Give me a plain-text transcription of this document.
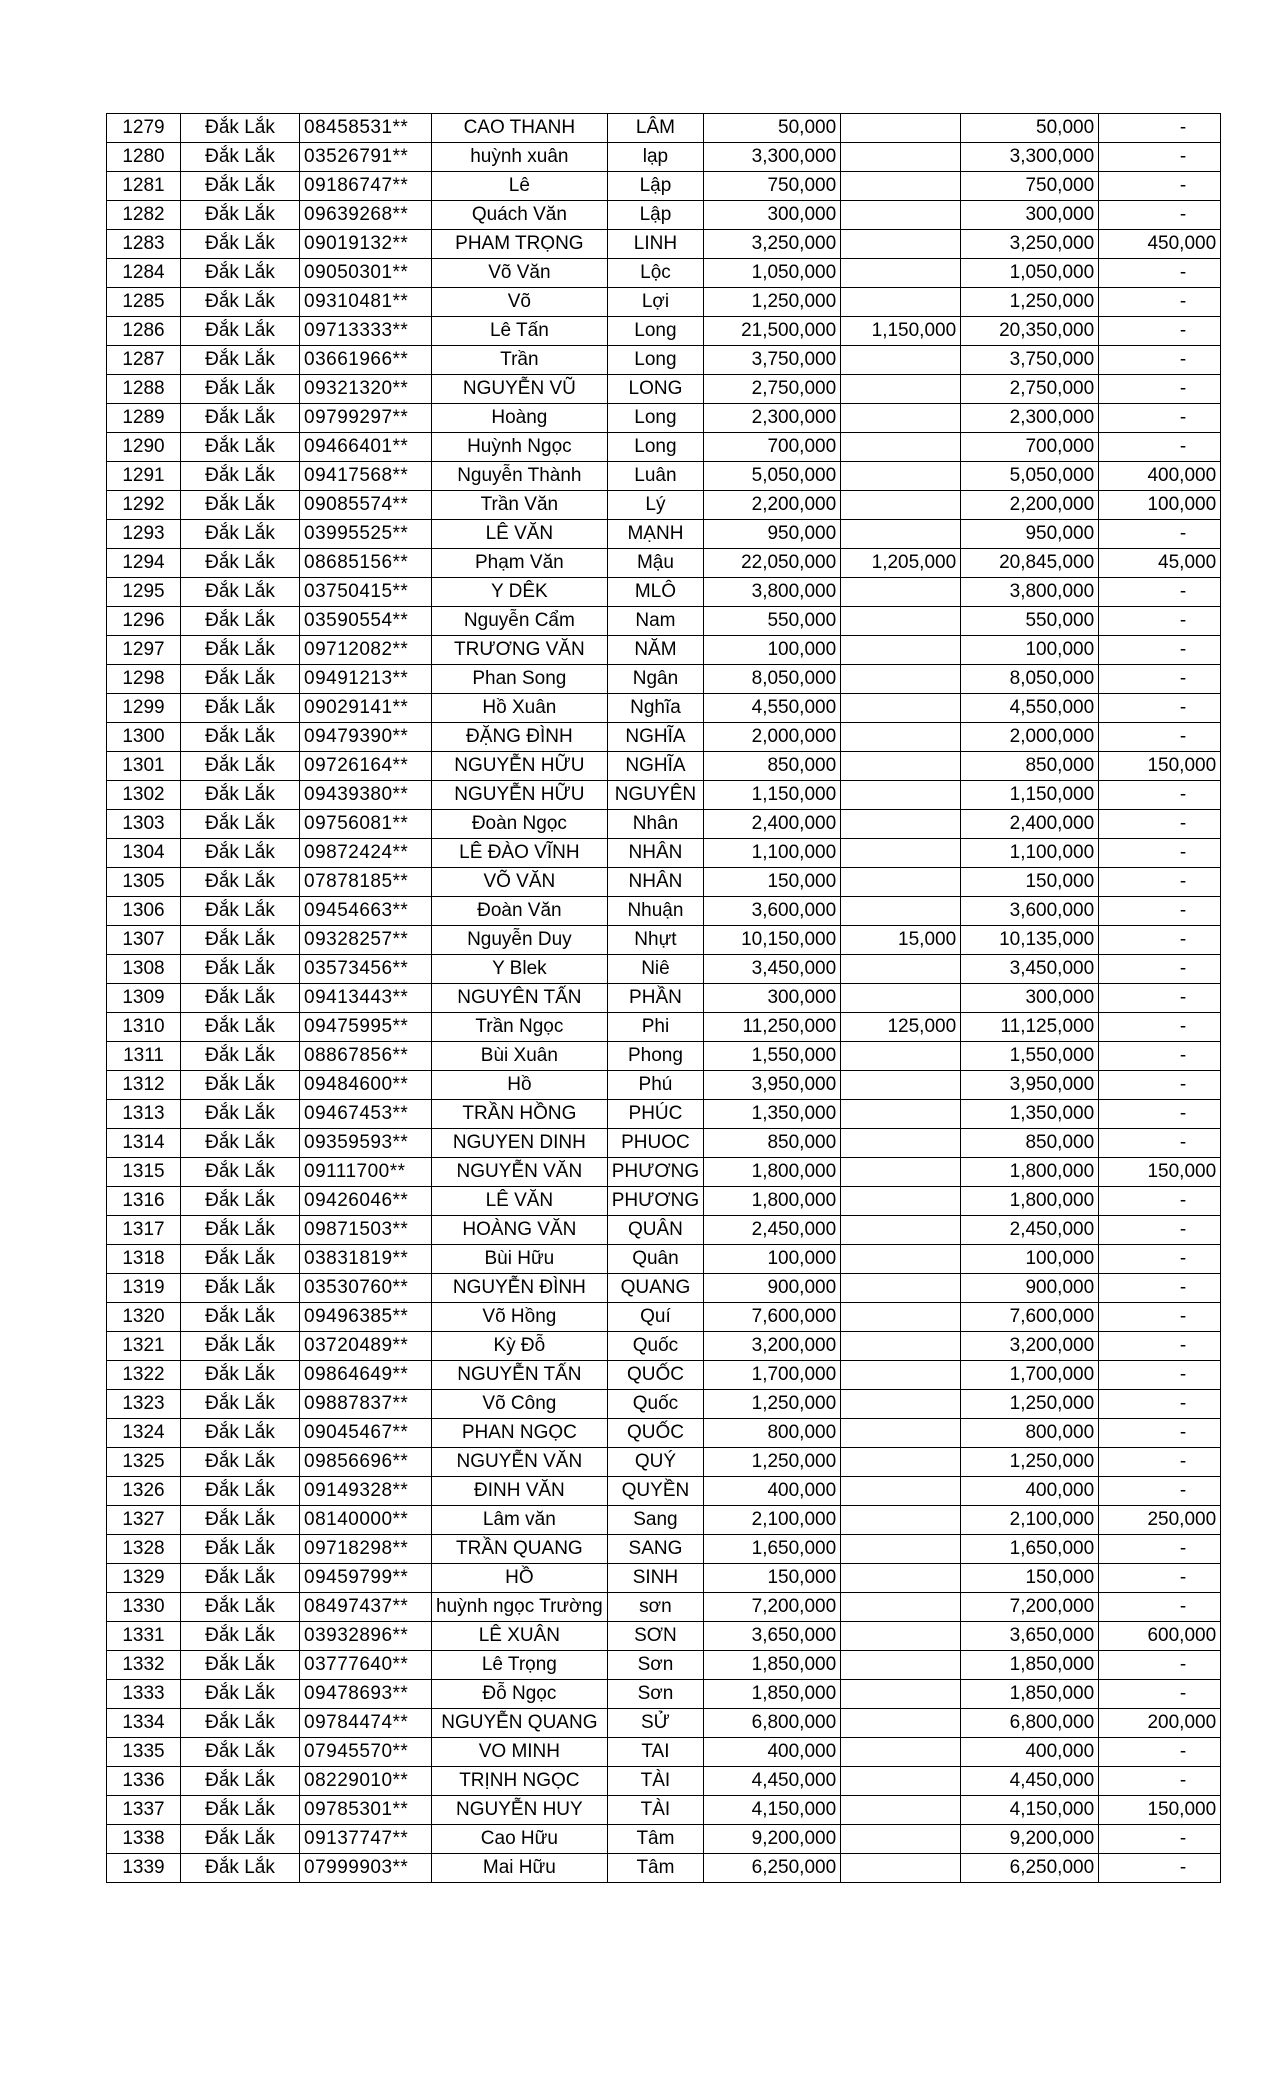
1279	Đắk Lắk	08458531**	CAO THANH	LÂM	50,000		50,000	-
1280	Đắk Lắk	03526791**	huỳnh xuân	lạp	3,300,000		3,300,000	-
1281	Đắk Lắk	09186747**	Lê	Lập	750,000		750,000	-
1282	Đắk Lắk	09639268**	Quách Văn	Lập	300,000		300,000	-
1283	Đắk Lắk	09019132**	PHAM TRỌNG	LINH	3,250,000		3,250,000	450,000
1284	Đắk Lắk	09050301**	Võ Văn	Lộc	1,050,000		1,050,000	-
1285	Đắk Lắk	09310481**	Võ	Lợi	1,250,000		1,250,000	-
1286	Đắk Lắk	09713333**	Lê Tấn	Long	21,500,000	1,150,000	20,350,000	-
1287	Đắk Lắk	03661966**	Trần	Long	3,750,000		3,750,000	-
1288	Đắk Lắk	09321320**	NGUYỄN VŨ	LONG	2,750,000		2,750,000	-
1289	Đắk Lắk	09799297**	Hoàng	Long	2,300,000		2,300,000	-
1290	Đắk Lắk	09466401**	Huỳnh Ngọc	Long	700,000		700,000	-
1291	Đắk Lắk	09417568**	Nguyễn Thành	Luân	5,050,000		5,050,000	400,000
1292	Đắk Lắk	09085574**	Trần Văn	Lý	2,200,000		2,200,000	100,000
1293	Đắk Lắk	03995525**	LÊ VĂN	MẠNH	950,000		950,000	-
1294	Đắk Lắk	08685156**	Phạm Văn	Mậu	22,050,000	1,205,000	20,845,000	45,000
1295	Đắk Lắk	03750415**	Y DÊK	MLÔ	3,800,000		3,800,000	-
1296	Đắk Lắk	03590554**	Nguyễn Cẩm	Nam	550,000		550,000	-
1297	Đắk Lắk	09712082**	TRƯƠNG VĂN	NĂM	100,000		100,000	-
1298	Đắk Lắk	09491213**	Phan Song	Ngân	8,050,000		8,050,000	-
1299	Đắk Lắk	09029141**	Hồ Xuân	Nghĩa	4,550,000		4,550,000	-
1300	Đắk Lắk	09479390**	ĐẶNG ĐÌNH	NGHĨA	2,000,000		2,000,000	-
1301	Đắk Lắk	09726164**	NGUYỄN HỮU	NGHĨA	850,000		850,000	150,000
1302	Đắk Lắk	09439380**	NGUYỄN HỮU	NGUYÊN	1,150,000		1,150,000	-
1303	Đắk Lắk	09756081**	Đoàn Ngọc	Nhân	2,400,000		2,400,000	-
1304	Đắk Lắk	09872424**	LÊ ĐÀO VĨNH	NHÂN	1,100,000		1,100,000	-
1305	Đắk Lắk	07878185**	VÕ VĂN	NHÂN	150,000		150,000	-
1306	Đắk Lắk	09454663**	Đoàn Văn	Nhuận	3,600,000		3,600,000	-
1307	Đắk Lắk	09328257**	Nguyễn Duy	Nhựt	10,150,000	15,000	10,135,000	-
1308	Đắk Lắk	03573456**	Y Blek	Niê	3,450,000		3,450,000	-
1309	Đắk Lắk	09413443**	NGUYÊN TẤN	PHẦN	300,000		300,000	-
1310	Đắk Lắk	09475995**	Trần Ngọc	Phi	11,250,000	125,000	11,125,000	-
1311	Đắk Lắk	08867856**	Bùi Xuân	Phong	1,550,000		1,550,000	-
1312	Đắk Lắk	09484600**	Hồ	Phú	3,950,000		3,950,000	-
1313	Đắk Lắk	09467453**	TRẦN HỒNG	PHÚC	1,350,000		1,350,000	-
1314	Đắk Lắk	09359593**	NGUYEN DINH	PHUOC	850,000		850,000	-
1315	Đắk Lắk	09111700**	NGUYỄN VĂN	PHƯƠNG	1,800,000		1,800,000	150,000
1316	Đắk Lắk	09426046**	LÊ VĂN	PHƯƠNG	1,800,000		1,800,000	-
1317	Đắk Lắk	09871503**	HOÀNG VĂN	QUÂN	2,450,000		2,450,000	-
1318	Đắk Lắk	03831819**	Bùi Hữu	Quân	100,000		100,000	-
1319	Đắk Lắk	03530760**	NGUYỄN ĐÌNH	QUANG	900,000		900,000	-
1320	Đắk Lắk	09496385**	Võ Hồng	Quí	7,600,000		7,600,000	-
1321	Đắk Lắk	03720489**	Kỳ Đỗ	Quốc	3,200,000		3,200,000	-
1322	Đắk Lắk	09864649**	NGUYỄN TẤN	QUỐC	1,700,000		1,700,000	-
1323	Đắk Lắk	09887837**	Võ Công	Quốc	1,250,000		1,250,000	-
1324	Đắk Lắk	09045467**	PHAN NGỌC	QUỐC	800,000		800,000	-
1325	Đắk Lắk	09856696**	NGUYỄN VĂN	QUÝ	1,250,000		1,250,000	-
1326	Đắk Lắk	09149328**	ĐINH VĂN	QUYỀN	400,000		400,000	-
1327	Đắk Lắk	08140000**	Lâm văn	Sang	2,100,000		2,100,000	250,000
1328	Đắk Lắk	09718298**	TRẦN QUANG	SANG	1,650,000		1,650,000	-
1329	Đắk Lắk	09459799**	HỒ	SINH	150,000		150,000	-
1330	Đắk Lắk	08497437**	huỳnh ngọc Trường	sơn	7,200,000		7,200,000	-
1331	Đắk Lắk	03932896**	LÊ XUÂN	SƠN	3,650,000		3,650,000	600,000
1332	Đắk Lắk	03777640**	Lê Trọng	Sơn	1,850,000		1,850,000	-
1333	Đắk Lắk	09478693**	Đỗ Ngọc	Sơn	1,850,000		1,850,000	-
1334	Đắk Lắk	09784474**	NGUYỄN QUANG	SỬ	6,800,000		6,800,000	200,000
1335	Đắk Lắk	07945570**	VO MINH	TAI	400,000		400,000	-
1336	Đắk Lắk	08229010**	TRỊNH NGỌC	TÀI	4,450,000		4,450,000	-
1337	Đắk Lắk	09785301**	NGUYỄN HUY	TÀI	4,150,000		4,150,000	150,000
1338	Đắk Lắk	09137747**	Cao Hữu	Tâm	9,200,000		9,200,000	-
1339	Đắk Lắk	07999903**	Mai Hữu	Tâm	6,250,000		6,250,000	-
